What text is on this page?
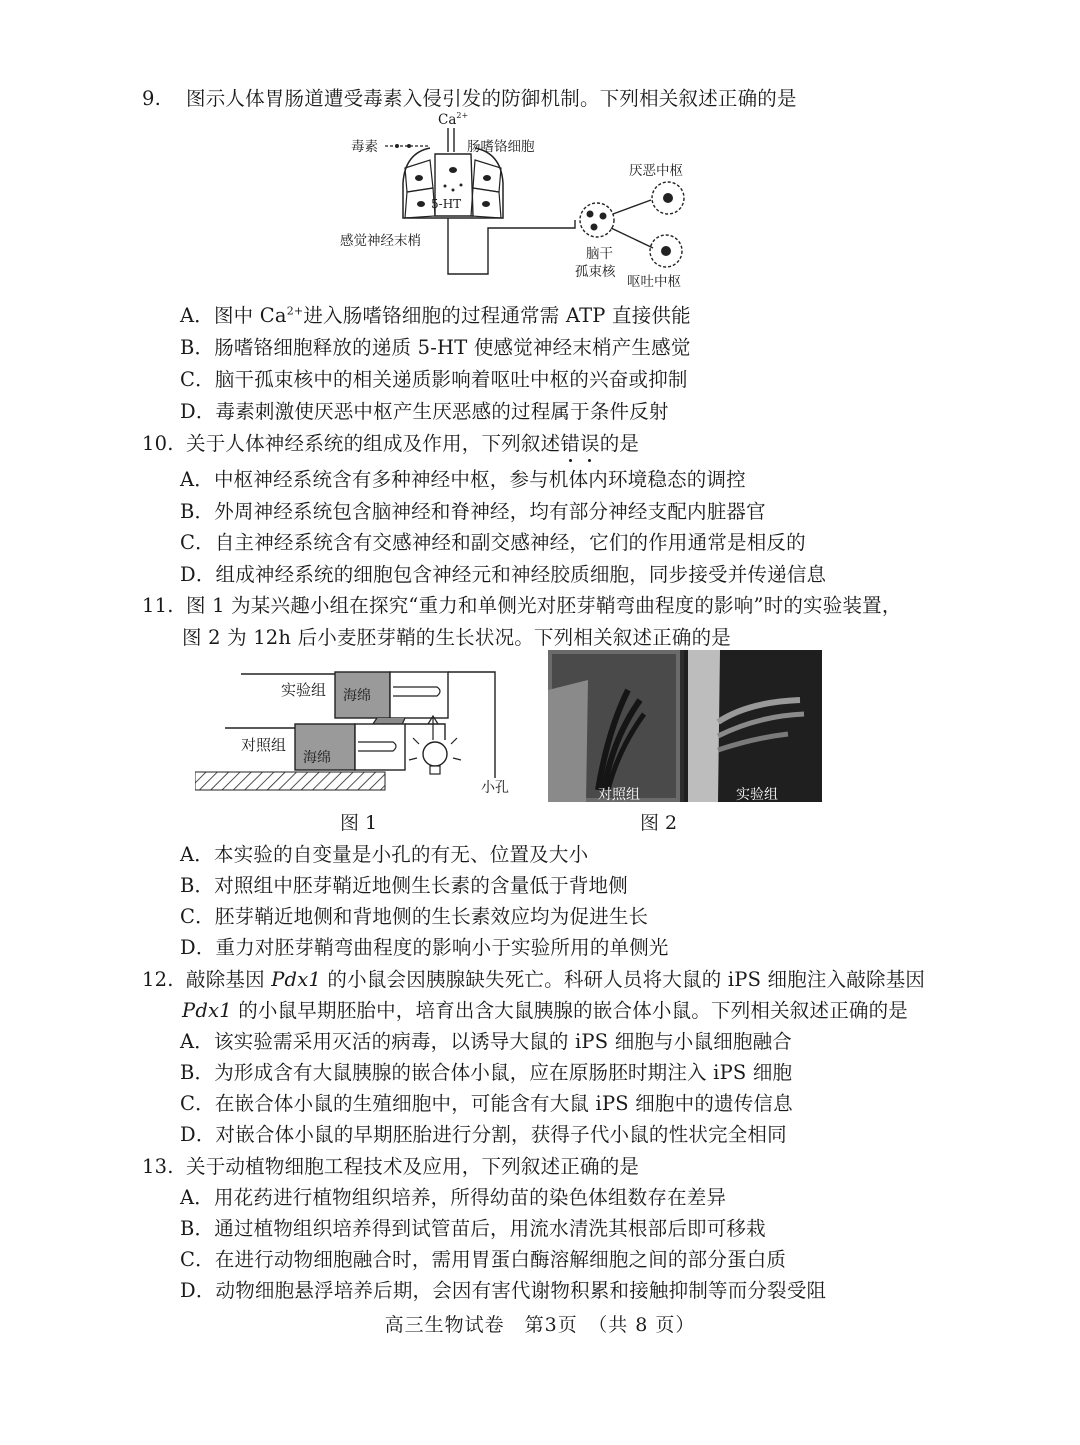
9. 图示人体胃肠道遭受毒素入侵引发的防御机制。下列相关叙述正确的是
$Ca^{2+}$
毒素	肠嗜铬细胞
5-HT
感觉神经末梢
厌恶中枢
脑干
孤束核
呕吐中枢
A．图中 $Ca^{2+}$进入肠嗜铬细胞的过程通常需 ATP 直接供能
B．肠嗜铬细胞释放的递质 5-HT 使感觉神经末梢产生感觉
C．脑干孤束核中的相关递质影响着呕吐中枢的兴奋或抑制
D．毒素刺激使厌恶中枢产生厌恶感的过程属于条件反射
10. 关于人体神经系统的组成及作用，下列叙述错误的是
A．中枢神经系统含有多种神经中枢，参与机体内环境稳态的调控
B．外周神经系统包含脑神经和脊神经，均有部分神经支配内脏器官
C．自主神经系统含有交感神经和副交感神经，它们的作用通常是相反的
D．组成神经系统的细胞包含神经元和神经胶质细胞，同步接受并传递信息
11. 图 1 为某兴趣小组在探究“重力和单侧光对胚芽鞘弯曲程度的影响”时的实验装置，
图 2 为 12h 后小麦胚芽鞘的生长状况。下列相关叙述正确的是
实验组 海绵
对照组
海绵
小孔
图 1
对照组	实验组
图 2
A．本实验的自变量是小孔的有无、位置及大小
B．对照组中胚芽鞘近地侧生长素的含量低于背地侧
C．胚芽鞘近地侧和背地侧的生长素效应均为促进生长
D．重力对胚芽鞘弯曲程度的影响小于实验所用的单侧光
12. 敲除基因 Pdx1 的小鼠会因胰腺缺失死亡。科研人员将大鼠的 iPS 细胞注入敲除基因
Pdx1 的小鼠早期胚胎中，培育出含大鼠胰腺的嵌合体小鼠。下列相关叙述正确的是
A．该实验需采用灭活的病毒，以诱导大鼠的 iPS 细胞与小鼠细胞融合
B．为形成含有大鼠胰腺的嵌合体小鼠，应在原肠胚时期注入 iPS 细胞
C．在嵌合体小鼠的生殖细胞中，可能含有大鼠 iPS 细胞中的遗传信息
D．对嵌合体小鼠的早期胚胎进行分割，获得子代小鼠的性状完全相同
13. 关于动植物细胞工程技术及应用，下列叙述正确的是
A．用花药进行植物组织培养，所得幼苗的染色体组数存在差异
B．通过植物组织培养得到试管苗后，用流水清洗其根部后即可移栽
C．在进行动物细胞融合时，需用胃蛋白酶溶解细胞之间的部分蛋白质
D．动物细胞悬浮培养后期，会因有害代谢物积累和接触抑制等而分裂受阻
高三生物试卷　第3页　（共 8 页）
